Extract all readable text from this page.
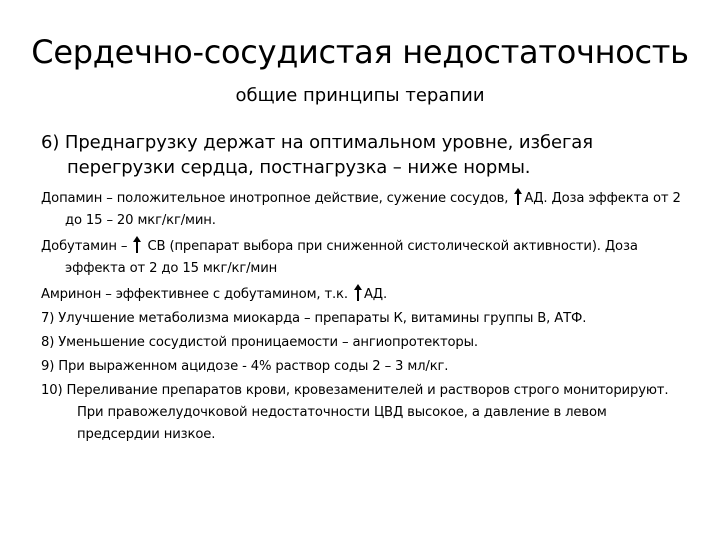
Сердечно-сосудистая недостаточность
общие принципы терапии

6) Преднагрузку держат на оптимальном уровне, избегая перегрузки сердца, постнагрузка – ниже нормы.

Допамин – положительное инотропное действие, сужение сосудов, АД. Доза эффекта от 2 до 15 – 20 мкг/кг/мин.

Добутамин – СВ (препарат выбора при сниженной систолической активности). Доза эффекта от 2 до 15 мкг/кг/мин

Амринон – эффективнее с добутамином, т.к. АД.

7) Улучшение метаболизма миокарда – препараты К, витамины группы В, АТФ.

8) Уменьшение сосудистой проницаемости – ангиопротекторы.

9) При выраженном ацидозе - 4% раствор соды 2 – 3 мл/кг.

10) Переливание препаратов крови, кровезаменителей и растворов строго мониторируют. При правожелудочковой недостаточности ЦВД высокое, а давление в левом предсердии низкое.
